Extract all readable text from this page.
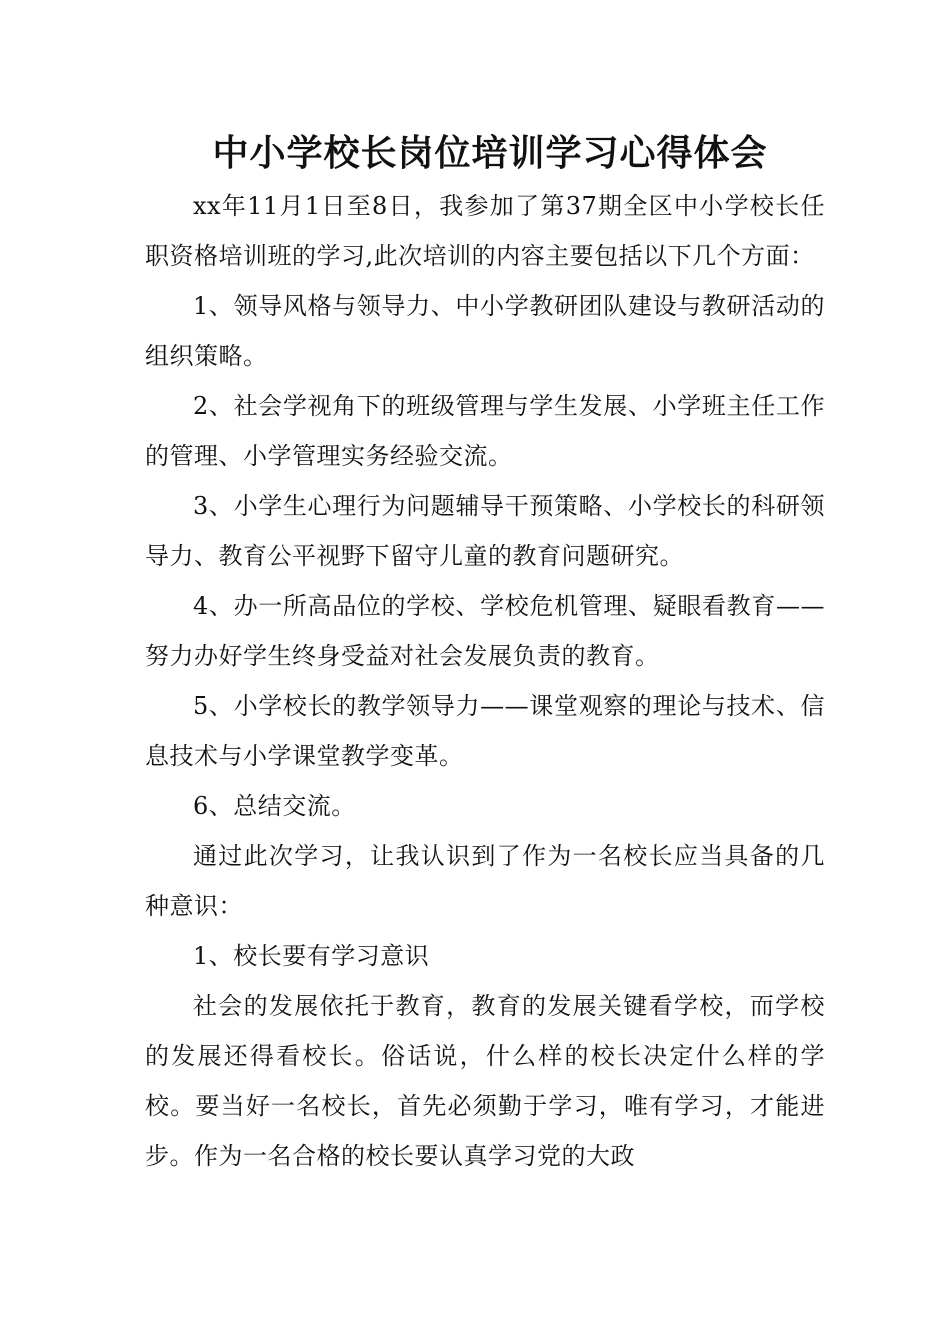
中小学校长岗位培训学习心得体会

xx年11月1日至8日，我参加了第37期全区中小学校长任职资格培训班的学习,此次培训的内容主要包括以下几个方面：

1、领导风格与领导力、中小学教研团队建设与教研活动的组织策略。

2、社会学视角下的班级管理与学生发展、小学班主任工作的管理、小学管理实务经验交流。

3、小学生心理行为问题辅导干预策略、小学校长的科研领导力、教育公平视野下留守儿童的教育问题研究。

4、办一所高品位的学校、学校危机管理、疑眼看教育——努力办好学生终身受益对社会发展负责的教育。

5、小学校长的教学领导力——课堂观察的理论与技术、信息技术与小学课堂教学变革。

6、总结交流。

通过此次学习，让我认识到了作为一名校长应当具备的几种意识：

1、校长要有学习意识

社会的发展依托于教育，教育的发展关键看学校，而学校的发展还得看校长。俗话说，什么样的校长决定什么样的学校。要当好一名校长，首先必须勤于学习，唯有学习，才能进步。作为一名合格的校长要认真学习党的大政
